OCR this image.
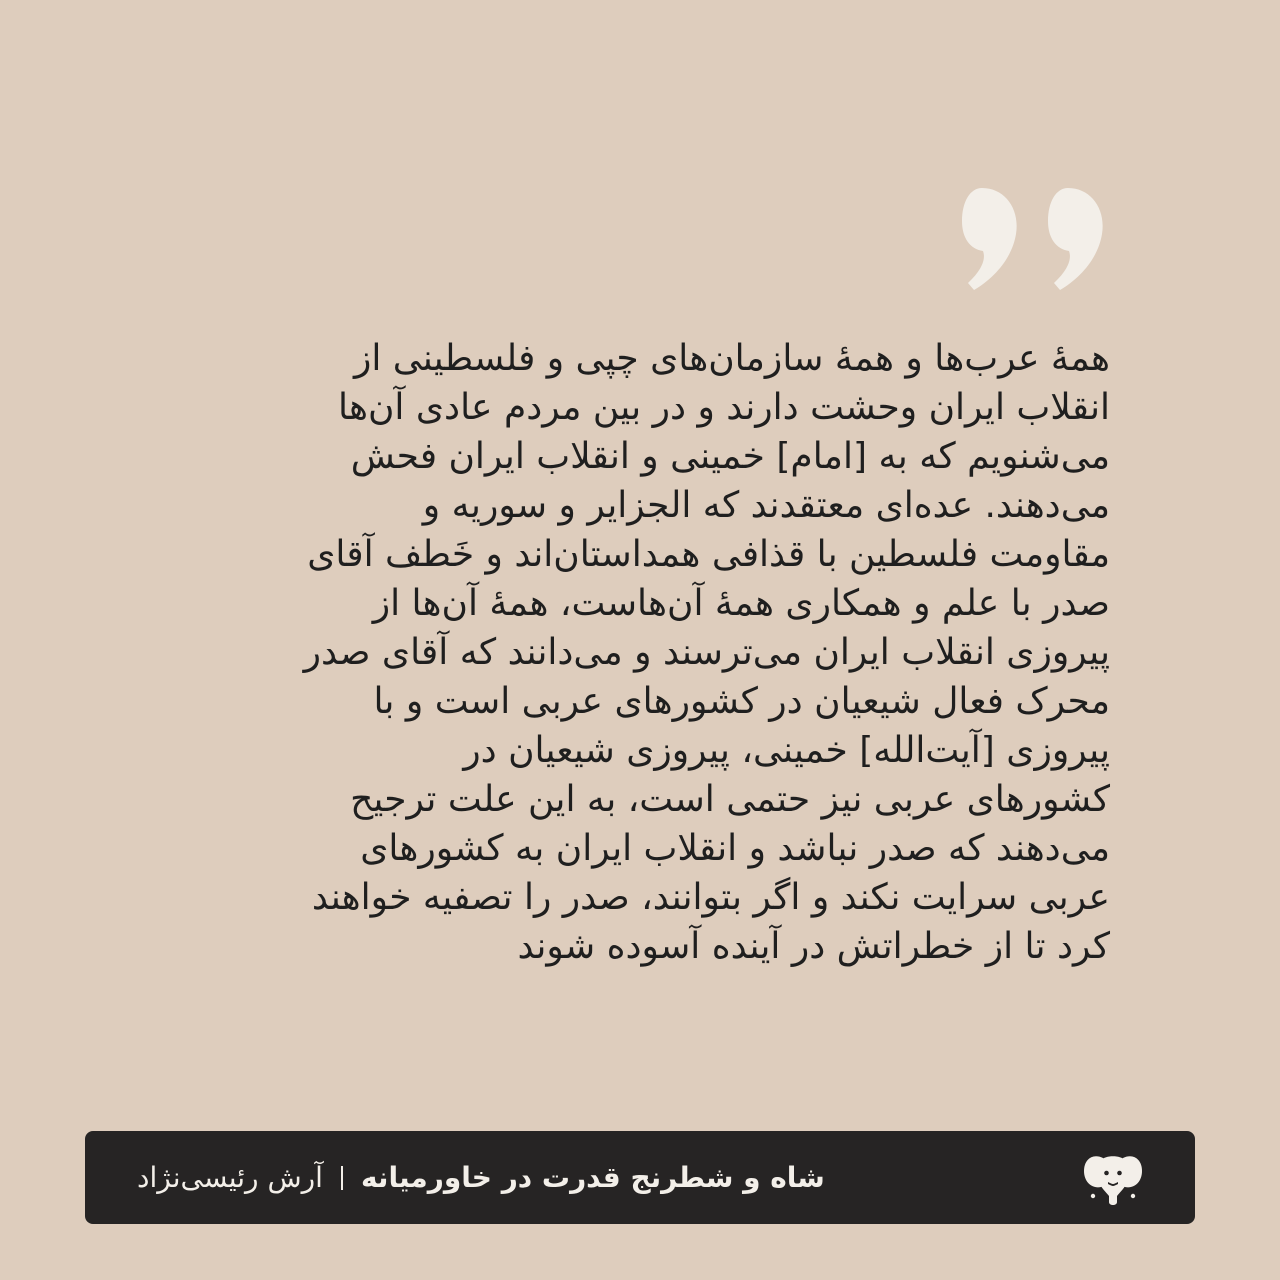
همهٔ عرب‌ها و همهٔ سازمان‌های چپی و فلسطینی از
انقلاب ایران وحشت دارند و در بین مردم عادی آن‌ها
می‌شنویم که به [امام] خمینی و انقلاب ایران فحش
می‌دهند. عده‌ای معتقدند که الجزایر و سوریه و
مقاومت فلسطین با قذافی همداستان‌اند و خَطف آقای
صدر با علم و همکاری همهٔ آن‌هاست، همهٔ آن‌ها از
پیروزی انقلاب ایران می‌ترسند و می‌دانند که آقای صدر
محرک فعال شیعیان در کشورهای عربی است و با
پیروزی [آیت‌الله] خمینی، پیروزی شیعیان در
کشورهای عربی نیز حتمی است، به این علت ترجیح
می‌دهند که صدر نباشد و انقلاب ایران به کشورهای
عربی سرایت نکند و اگر بتوانند، صدر را تصفیه خواهند
کرد تا از خطراتش در آینده آسوده شوند

شاه و شطرنج قدرت در خاورمیانه
آرش رئیسی‌نژاد
